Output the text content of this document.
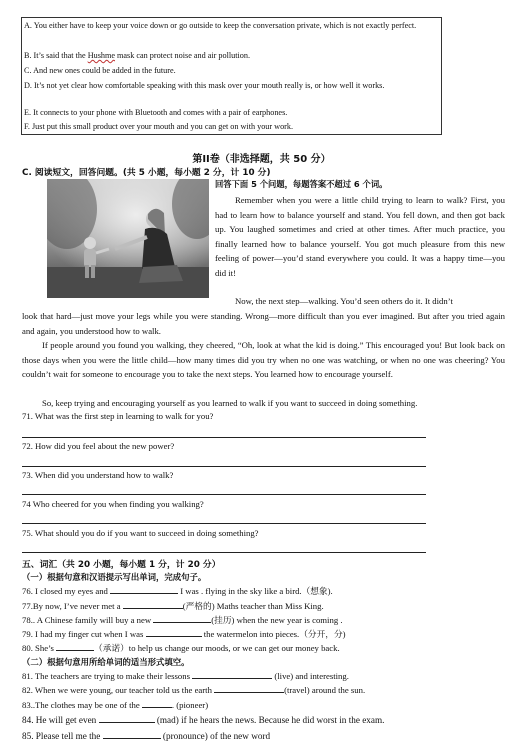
A. You either have to keep your voice down or go outside to keep the conversation private, which is not exactly perfect.
B. It’s said that the Hushme mask can protect noise and air pollution.
C. And new ones could be added in the future.
D. It’s not yet clear how comfortable speaking with this mask over your mouth really is, or how well it works.
E. It connects to your phone with Bluetooth and comes with a pair of earphones.
F. Just put this small product over your mouth and you can get on with your work.
第II卷（非选择题，共 50 分）
C. 阅读短文，回答问题。(共 5 小题，每小题 2 分，计 10 分)
回答下面 5 个问题，每题答案不超过 6 个词。
Remember when you were a little child trying to learn to walk? First, you had to learn how to balance yourself and stand. You fell down, and then got back up. You laughed sometimes and cried at other times. After much practice, you finally learned how to balance yourself. You got much pleasure from this new feeling of power—you’d stand everywhere you could. It was a happy time—you did it!
Now, the next step—walking. You’d seen others do it. It didn’t
look that hard—just move your legs while you were standing. Wrong—more difficult than you ever imagined. But after you tried again and again, you understood how to walk.
If people around you found you walking, they cheered, “Oh, look at what the kid is doing.” This encouraged you! But look back on those days when you were the little child—how many times did you try when no one was watching, or when no one was cheering? You couldn’t wait for someone to encourage you to take the next steps. You learned how to encourage yourself.
So, keep trying and encouraging yourself as you learned to walk if you want to succeed in doing something.
71. What was the first step in learning to walk for you?
72. How did you feel about the new power?
73. When did you understand how to walk?
74 Who cheered for you when finding you walking?
75. What should you do if you want to succeed in doing something?
五、词汇（共 20 小题，每小题 1 分，计 20 分）
（一）根据句意和汉语提示写出单词，完成句子。
76. I closed my eyes and	I was . flying in the sky like a bird.（想象).
77.By now, I’ve never met a	(严格的) Maths teacher than Miss King.
78.. A Chinese family will buy a new	(挂历) when the new year is coming .
79. I had my finger cut when I was	the watermelon into pieces.（分开，分)
80. She’s	（承诺）to help us change our moods, or we can get our money back.
（二）根据句意用所给单词的适当形式填空。
81. The teachers are trying to make their lessons	(live) and interesting.
82. When we were young, our teacher told us the earth	(travel) around the sun.
83..The clothes may be one of the	. (pioneer)
84. He will get even	(mad) if he hears the news. Because he did worst in the exam.
85. Please tell me the	(pronounce) of the new word
